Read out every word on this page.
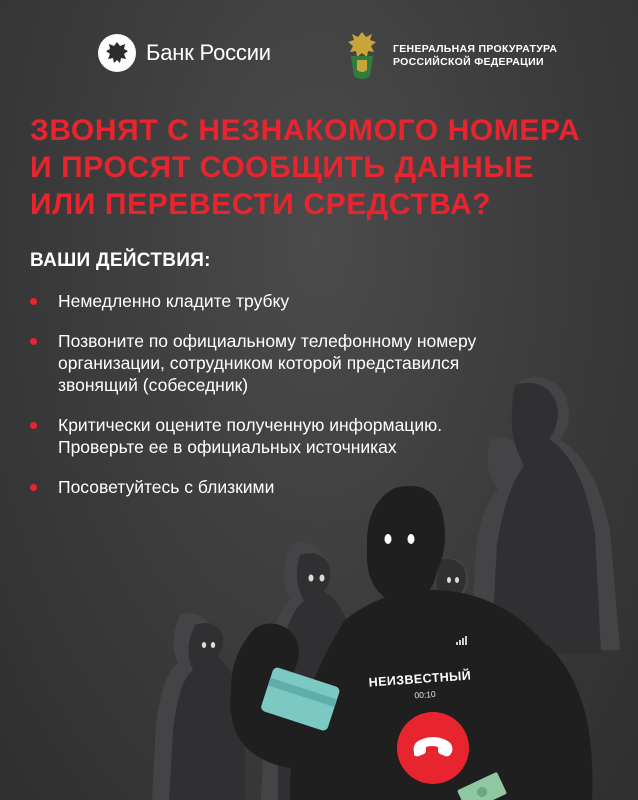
НЕИЗВЕСТНЫЙ
00:10
Банк России	ГЕНЕРАЛЬНАЯ ПРОКУРАТУРА
РОССИЙСКОЙ ФЕДЕРАЦИИ
ЗВОНЯТ С НЕЗНАКОМОГО НОМЕРА
И ПРОСЯТ СООБЩИТЬ ДАННЫЕ
ИЛИ ПЕРЕВЕСТИ СРЕДСТВА?
ВАШИ ДЕЙСТВИЯ:
Немедленно кладите трубку
Позвоните по официальному телефонному номеру
организации, сотрудником которой представился
звонящий (собеседник)
Критически оцените полученную информацию.
Проверьте ее в официальных источниках
Посоветуйтесь с близкими
